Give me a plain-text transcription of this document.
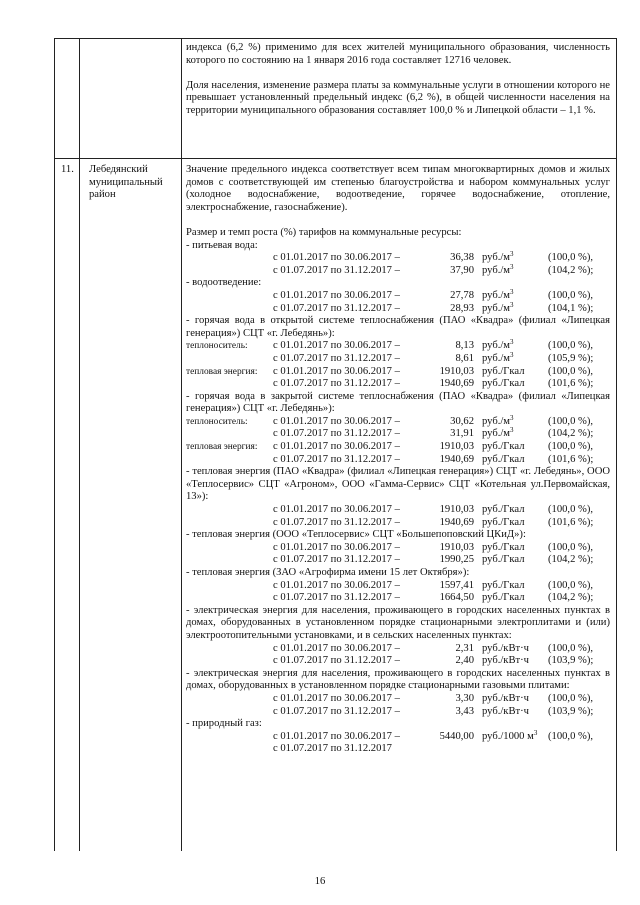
индекса (6,2 %) применимо для всех жителей муниципального образования, численность которого по состоянию на 1 января 2016 года составляет 12716 человек.

Доля населения, изменение размера платы за коммунальные услуги в отношении которого не превышает установленный предельный индекс (6,2 %), в общей численности населения на территории муниципального образования составляет 100,0 % и Липецкой области – 1,1 %.

11. Лебедянский муниципальный район

Значение предельного индекса соответствует всем типам многоквартирных домов и жилых домов с соответствующей им степенью благоустройства и набором коммунальных услуг (холодное водоснабжение, водоотведение, горячее водоснабжение, отопление, электроснабжение, газоснабжение).

Размер и темп роста (%) тарифов на коммунальные ресурсы:

- питьевая вода:

с 01.01.2017 по 30.06.2017 –	36,38 $руб./м^3$	(100,0 %),
с 01.07.2017 по 31.12.2017 –	37,90 $руб./м^3$	(104,2 %);

- водоотведение:

с 01.01.2017 по 30.06.2017 –	27,78 $руб./м^3$	(100,0 %),
с 01.07.2017 по 31.12.2017 –	28,93 $руб./м^3$	(104,1 %);

- горячая вода в открытой системе теплоснабжения (ПАО «Квадра» (филиал «Липецкая генерация») СЦТ «г. Лебедянь»):

теплоноситель: с 01.01.2017 по 30.06.2017 –	8,13 $руб./м^3$	(100,0 %),
с 01.07.2017 по 31.12.2017 –	8,61 $руб./м^3$	(105,9 %);
тепловая энергия: с 01.01.2017 по 30.06.2017 –	1910,03 руб./Гкал (100,0 %),
с 01.07.2017 по 31.12.2017 –	1940,69 руб./Гкал (101,6 %);

- горячая вода в закрытой системе теплоснабжения (ПАО «Квадра» (филиал «Липецкая генерация») СЦТ «г. Лебедянь»):

теплоноситель: с 01.01.2017 по 30.06.2017 –	30,62 $руб./м^3$	(100,0 %),
с 01.07.2017 по 31.12.2017 –	31,91 $руб./м^3$	(104,2 %);
тепловая энергия: с 01.01.2017 по 30.06.2017 –	1910,03 руб./Гкал (100,0 %),
с 01.07.2017 по 31.12.2017 –	1940,69 руб./Гкал (101,6 %);

- тепловая энергия (ПАО «Квадра» (филиал «Липецкая генерация») СЦТ «г. Лебедянь», ООО «Теплосервис» СЦТ «Агроном», ООО «Гамма-Сервис» СЦТ «Котельная ул.Первомайская, 13»):

с 01.01.2017 по 30.06.2017 –	1910,03 руб./Гкал (100,0 %),
с 01.07.2017 по 31.12.2017 –	1940,69 руб./Гкал (101,6 %);

- тепловая энергия (ООО «Теплосервис» СЦТ «Большепоповский ЦКиД»):

с 01.01.2017 по 30.06.2017 –	1910,03 руб./Гкал (100,0 %),
с 01.07.2017 по 31.12.2017 –	1990,25 руб./Гкал (104,2 %);

- тепловая энергия (ЗАО «Агрофирма имени 15 лет Октября»):

с 01.01.2017 по 30.06.2017 –	1597,41 руб./Гкал (100,0 %),
с 01.07.2017 по 31.12.2017 –	1664,50 руб./Гкал (104,2 %);

- электрическая энергия для населения, проживающего в городских населенных пунктах в домах, оборудованных в установленном порядке стационарными электроплитами и (или) электроотопительными установками, и в сельских населенных пунктах:

с 01.01.2017 по 30.06.2017 –	2,31 руб./кВт·ч (100,0 %),
с 01.07.2017 по 31.12.2017 –	2,40 руб./кВт·ч (103,9 %);

- электрическая энергия для населения, проживающего в городских населенных пунктах в домах, оборудованных в установленном порядке стационарными газовыми плитами:

с 01.01.2017 по 30.06.2017 –	3,30 руб./кВт·ч (100,0 %),
с 01.07.2017 по 31.12.2017 –	3,43 руб./кВт·ч (103,9 %);

- природный газ:

с 01.01.2017 по 30.06.2017 –	5440,00 руб./1000 $м^3$ (100,0 %),
с 01.07.2017 по 31.12.2017
16
